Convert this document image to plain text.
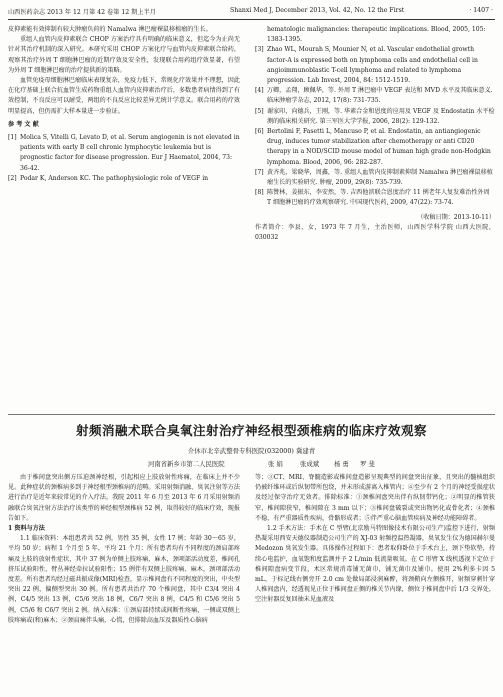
山西医药杂志 2013 年 12 月第 42 卷第 12 期上半月	Shanxi Med J, December 2013, Vol. 42, No. 12 the First	· 1407 ·

皮抑素能有效抑制有较大肿瘤负荷的 Namalwa 淋巴瘤裸鼠移植瘤的生长。

重组人血管内皮抑素联合 CHOP 方案治疗具有明确的临床意义，但迄今为止尚无针对其治疗机制的深入研究。本研究采用 CHOP 方案化疗与血管内皮抑素联合给药，观察其治疗外周 T 细胞淋巴瘤的近期疗效及安全性，发现联合用药组疗效显著，有望为外周 T 细胞淋巴瘤的治疗提供新的策略。

血管免疫母细胞淋巴瘤临床表现复杂，免疫力低下，常规化疗效果并不理想，因此在化疗基础上联合抗血管生成药物重组人血管内皮抑素治疗后，多数患者病情得到了有效控制，不良反应可以耐受，两组的不良反应比较差异无统计学意义。联合用药的疗效明显提高，但仍需扩大样本量进一步验证。

参 考 文 献

[1] Molica S, Vitelli G, Levato D, et al. Serum angiogenin is not elevated in patients with early B cell chronic lymphocytic leukemia but is prognostic factor for disease progression. Eur J Haematol, 2004, 73: 36-42.
[2] Podar K, Anderson KC. The pathophysiologic role of VEGF in
hematologic malignancies: therapeutic implications. Blood, 2005, 105: 1383-1395.
[3] Zhao WL, Mourah S, Mounier N, et al. Vascular endothelial growth factor-A is expressed both on lymphoma cells and endothelial cell in angioimmunoblastic T-cell lymphoma and related to lymphoma progression. Lab Invest, 2004, 84: 1512-1519.
[4] 万卿，孟翔，顾佩华，等. 外周 T 淋巴瘤中 VEGF 表达和 MVD 水平及其临床意义. 临床肿瘤学杂志, 2012, 17(8): 731-735.
[5] 谢家印，向德兵，王刚，等. 华素合金和恩度的应用及 VEGF 及 Endostatin 水平检测的临床相关研究. 第三军医大学学报, 2006, 28(2): 129-132.
[6] Bertolini F, Fasetti L, Mancuso P, et al. Endostatin, an antiangiogenic drug, induces tumor stabilization after chemotherapy or anti CD20 therapy in a NOD/SCID mouse model of human high grade non-Hodgkin lymphoma. Blood, 2006, 96: 282-287.
[7] 黄齐兆，梁晓华，周鑫，等. 重组人血管内皮抑制素抑制 Namalwa 淋巴瘤裸鼠移植瘤生长的实验研究. 肿瘤, 2009, 29(8): 735-739.
[8] 陈赞林，姜振东，李安然，等. 吉西他滨联合恩度治疗 11 例老年人复发难治性外周 T 细胞淋巴瘤的疗效观察研究. 中国现代医药, 2009, 47(22): 73-74.

（收稿日期：2013-10-11）

作者简介：李县，女，1973 年 7 月生，主治医师，山西医学科学院 山西大医院，030032

射频消融术联合臭氧注射治疗神经根型颈椎病的临床疗效观察
介休市北辛武整骨专科医院(032000) 冀建青
河南省新乡市第二人民医院	张 娟	张成斌 杨 勇 罗 斐

由于椎间盘突出侧方压迫颈神经根，引起相应上肢放射性疼痛，在临床上并不少见。此种症状的颈椎病多到于神经根型颈椎病的范畴。采用射频消融、臭氧注射等方法进行治疗是近年来较常见的介入疗法。我院 2011 年 6 月至 2013 年 6 月采用射频消融联合臭氧注射方法治疗该类型的神经根型颈椎病 52 例，取得较好的临床疗效，现报告如下。

1 资料与方法

1.1 临床资料：本组患者共 52 例，男性 35 例，女性 17 例；年龄 30～65 岁，平均 50 岁；病程 1 个月至 5 年，平均 21 个月；所有患者均有不同程度的颈肩部疼痛及上肢的放射性症状，其中 37 例为单侧上肢疼痛、麻木，颈项部活动度差，椎间孔挤压试验阳性，臂丛神经牵拉试验阳性；15 例伴有双侧上肢疼痛、麻木，颈项部活动度差。所有患者均经过磁共振成像(MRI)检查，显示椎间盘有不同程度的突出，中央型突出 22 例，偏侧型突出 30 例。所有患者共治疗 70 个椎间盘，其中 C3/4 突出 4 例，C4/5 突出 13 例，C5/6 突出 18 例，C6/7 突出 8 例，C4/5 和 C5/6 突出 5 例，C5/6 和 C6/7 突出 2 例。纳入标准：①颈肩部持续或间断性疼痛，一侧或双侧上肢疼痛或(和)麻木；②颈肩痛伴头痛，心慌，但排除高血压及器质性心脑病

等；③CT、MRI、脊髓造影或椎间盘造影呈现典型的间盘突出征象，且突出的髓核组织仍被纤维环或后纵韧带所包绕，并未形成游离入椎管内；④至少有 2 个月的神经受损症状及经过保守治疗无效者。排除标准：①颈椎间盘突出伴有纵韧带钙化；②明显的椎管狭窄，椎间隙狭窄，椎间隙在 3 mm 以下；③椎间盘破裂或突出物钙化或骨化者；④颈椎不稳，有严重器质性疾病，骨骼形成者；⑤伴严重心脑血管疾病及神经功能障碍者。

1.2 手术方法：手术在 C 型臂(北京励马特图像技术有限公司生产)监控下进行，射频热凝采用西安天德仪器制造公司生产的 XJ-03 射频控温热凝器，臭氧发生仪为德国赫尔曼 Medozon 臭氧发生器。具体操作过程如下：患者取仰卧位于手术台上，颈下垫软垫，持续心电监护，血氧饱和度监测并予 2 L/min 低流量吸氧。在 C 形臂 X 线机透视下定位于椎间隙盘病变节段，术区常规消毒铺无菌巾，铺无菌巾及铺巾。使用 2%利多卡因 5 mL，于标记线右侧旁开 2.0 cm 处做局部浸润麻醉，将颈鞘向左侧推开，射频穿刺针穿人椎间盘内，经透视见正位于椎间盘正侧的椎关节内缘，侧位于椎间盘中后 1/3 交界处，空注射器反复回抽未见血液及
